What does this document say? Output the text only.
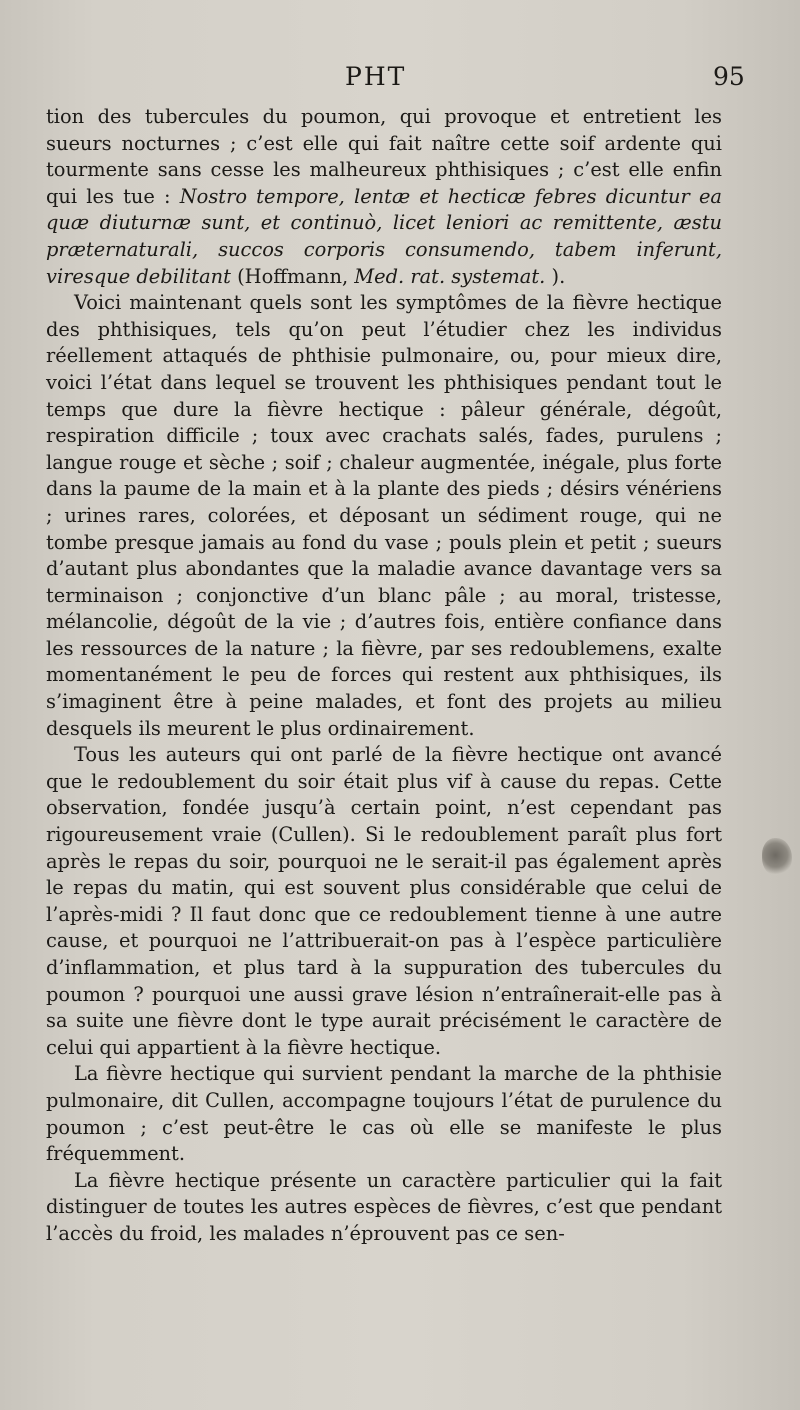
PHT	95

tion des tubercules du poumon, qui provoque et entretient les sueurs nocturnes ; c’est elle qui fait naître cette soif ardente qui tourmente sans cesse les malheureux phthisiques ; c’est elle enfin qui les tue : Nostro tempore, lentæ et hecticæ febres dicuntur ea quæ diuturnæ sunt, et continuò, licet leniori ac remittente, æstu præternaturali, succos corporis consumendo, tabem inferunt, viresque debilitant (Hoffmann, Med. rat. systemat. ).

Voici maintenant quels sont les symptômes de la fièvre hectique des phthisiques, tels qu’on peut l’étudier chez les individus réellement attaqués de phthisie pulmonaire, ou, pour mieux dire, voici l’état dans lequel se trouvent les phthisiques pendant tout le temps que dure la fièvre hectique : pâleur générale, dégoût, respiration difficile ; toux avec crachats salés, fades, purulens ; langue rouge et sèche ; soif ; chaleur augmentée, inégale, plus forte dans la paume de la main et à la plante des pieds ; désirs vénériens ; urines rares, colorées, et déposant un sédiment rouge, qui ne tombe presque jamais au fond du vase ; pouls plein et petit ; sueurs d’autant plus abondantes que la maladie avance davantage vers sa terminaison ; conjonctive d’un blanc pâle ; au moral, tristesse, mélancolie, dégoût de la vie ; d’autres fois, entière confiance dans les ressources de la nature ; la fièvre, par ses redoublemens, exalte momentanément le peu de forces qui restent aux phthisiques, ils s’imaginent être à peine malades, et font des projets au milieu desquels ils meurent le plus ordinairement.

Tous les auteurs qui ont parlé de la fièvre hectique ont avancé que le redoublement du soir était plus vif à cause du repas. Cette observation, fondée jusqu’à certain point, n’est cependant pas rigoureusement vraie (Cullen). Si le redoublement paraît plus fort après le repas du soir, pourquoi ne le serait-il pas également après le repas du matin, qui est souvent plus considérable que celui de l’après-midi ? Il faut donc que ce redoublement tienne à une autre cause, et pourquoi ne l’attribuerait-on pas à l’espèce particulière d’inflammation, et plus tard à la suppuration des tubercules du poumon ? pourquoi une aussi grave lésion n’entraînerait-elle pas à sa suite une fièvre dont le type aurait précisément le caractère de celui qui appartient à la fièvre hectique.

La fièvre hectique qui survient pendant la marche de la phthisie pulmonaire, dit Cullen, accompagne toujours l’état de purulence du poumon ; c’est peut-être le cas où elle se manifeste le plus fréquemment.

La fièvre hectique présente un caractère particulier qui la fait distinguer de toutes les autres espèces de fièvres, c’est que pendant l’accès du froid, les malades n’éprouvent pas ce sen-
